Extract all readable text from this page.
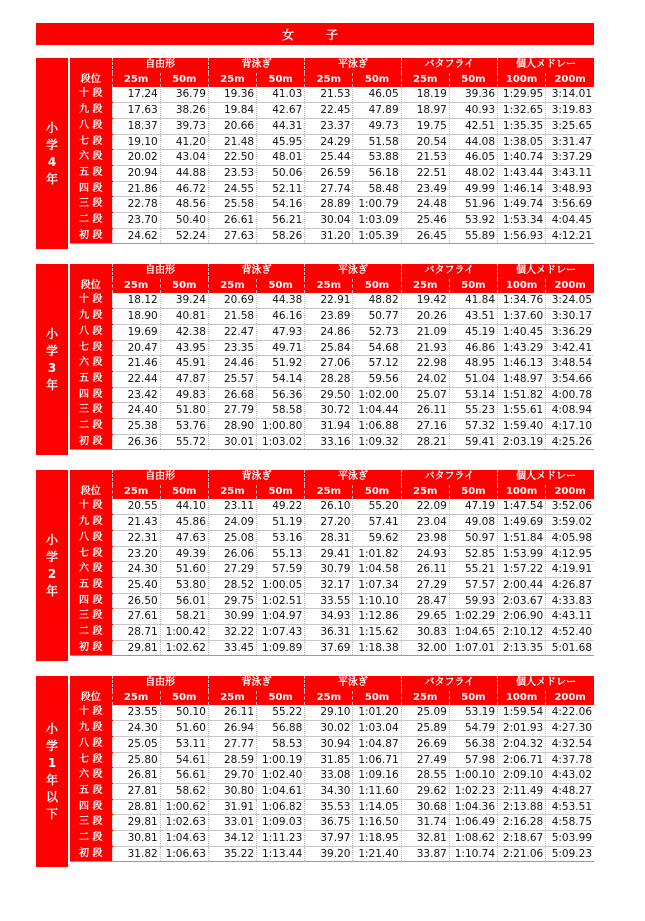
女　子
小
学
4
年
	自由形		背泳ぎ		平泳ぎ		バタフライ		個人メドレー	
段位	25m	50m	25m	50m	25m	50m	25m	50m	100m	200m
十 段	17.24	36.79	19.36	41.03	21.53	46.05	18.19	39.36	1:29.95	3:14.01
九 段	17.63	38.26	19.84	42.67	22.45	47.89	18.97	40.93	1:32.65	3:19.83
八 段	18.37	39.73	20.66	44.31	23.37	49.73	19.75	42.51	1:35.35	3:25.65
七 段	19.10	41.20	21.48	45.95	24.29	51.58	20.54	44.08	1:38.05	3:31.47
六 段	20.02	43.04	22.50	48.01	25.44	53.88	21.53	46.05	1:40.74	3:37.29
五 段	20.94	44.88	23.53	50.06	26.59	56.18	22.51	48.02	1:43.44	3:43.11
四 段	21.86	46.72	24.55	52.11	27.74	58.48	23.49	49.99	1:46.14	3:48.93
三 段	22.78	48.56	25.58	54.16	28.89	1:00.79	24.48	51.96	1:49.74	3:56.69
二 段	23.70	50.40	26.61	56.21	30.04	1:03.09	25.46	53.92	1:53.34	4:04.45
初 段	24.62	52.24	27.63	58.26	31.20	1:05.39	26.45	55.89	1:56.93	4:12.21
小
学
3
年
	自由形		背泳ぎ		平泳ぎ		バタフライ		個人メドレー	
段位	25m	50m	25m	50m	25m	50m	25m	50m	100m	200m
十 段	18.12	39.24	20.69	44.38	22.91	48.82	19.42	41.84	1:34.76	3:24.05
九 段	18.90	40.81	21.58	46.16	23.89	50.77	20.26	43.51	1:37.60	3:30.17
八 段	19.69	42.38	22.47	47.93	24.86	52.73	21.09	45.19	1:40.45	3:36.29
七 段	20.47	43.95	23.35	49.71	25.84	54.68	21.93	46.86	1:43.29	3:42.41
六 段	21.46	45.91	24.46	51.92	27.06	57.12	22.98	48.95	1:46.13	3:48.54
五 段	22.44	47.87	25.57	54.14	28.28	59.56	24.02	51.04	1:48.97	3:54.66
四 段	23.42	49.83	26.68	56.36	29.50	1:02.00	25.07	53.14	1:51.82	4:00.78
三 段	24.40	51.80	27.79	58.58	30.72	1:04.44	26.11	55.23	1:55.61	4:08.94
二 段	25.38	53.76	28.90	1:00.80	31.94	1:06.88	27.16	57.32	1:59.40	4:17.10
初 段	26.36	55.72	30.01	1:03.02	33.16	1:09.32	28.21	59.41	2:03.19	4:25.26
小
学
2
年
	自由形		背泳ぎ		平泳ぎ		バタフライ		個人メドレー	
段位	25m	50m	25m	50m	25m	50m	25m	50m	100m	200m
十 段	20.55	44.10	23.11	49.22	26.10	55.20	22.09	47.19	1:47.54	3:52.06
九 段	21.43	45.86	24.09	51.19	27.20	57.41	23.04	49.08	1:49.69	3:59.02
八 段	22.31	47.63	25.08	53.16	28.31	59.62	23.98	50.97	1:51.84	4:05.98
七 段	23.20	49.39	26.06	55.13	29.41	1:01.82	24.93	52.85	1:53.99	4:12.95
六 段	24.30	51.60	27.29	57.59	30.79	1:04.58	26.11	55.21	1:57.22	4:19.91
五 段	25.40	53.80	28.52	1:00.05	32.17	1:07.34	27.29	57.57	2:00.44	4:26.87
四 段	26.50	56.01	29.75	1:02.51	33.55	1:10.10	28.47	59.93	2:03.67	4:33.83
三 段	27.61	58.21	30.99	1:04.97	34.93	1:12.86	29.65	1:02.29	2:06.90	4:43.11
二 段	28.71	1:00.42	32.22	1:07.43	36.31	1:15.62	30.83	1:04.65	2:10.12	4:52.40
初 段	29.81	1:02.62	33.45	1:09.89	37.69	1:18.38	32.00	1:07.01	2:13.35	5:01.68
小
学
1
年
以
下
	自由形		背泳ぎ		平泳ぎ		バタフライ		個人メドレー	
段位	25m	50m	25m	50m	25m	50m	25m	50m	100m	200m
十 段	23.55	50.10	26.11	55.22	29.10	1:01.20	25.09	53.19	1:59.54	4:22.06
九 段	24.30	51.60	26.94	56.88	30.02	1:03.04	25.89	54.79	2:01.93	4:27.30
八 段	25.05	53.11	27.77	58.53	30.94	1:04.87	26.69	56.38	2:04.32	4:32.54
七 段	25.80	54.61	28.59	1:00.19	31.85	1:06.71	27.49	57.98	2:06.71	4:37.78
六 段	26.81	56.61	29.70	1:02.40	33.08	1:09.16	28.55	1:00.10	2:09.10	4:43.02
五 段	27.81	58.62	30.80	1:04.61	34.30	1:11.60	29.62	1:02.23	2:11.49	4:48.27
四 段	28.81	1:00.62	31.91	1:06.82	35.53	1:14.05	30.68	1:04.36	2:13.88	4:53.51
三 段	29.81	1:02.63	33.01	1:09.03	36.75	1:16.50	31.74	1:06.49	2:16.28	4:58.75
二 段	30.81	1:04.63	34.12	1:11.23	37.97	1:18.95	32.81	1:08.62	2:18.67	5:03.99
初 段	31.82	1:06.63	35.22	1:13.44	39.20	1:21.40	33.87	1:10.74	2:21.06	5:09.23
